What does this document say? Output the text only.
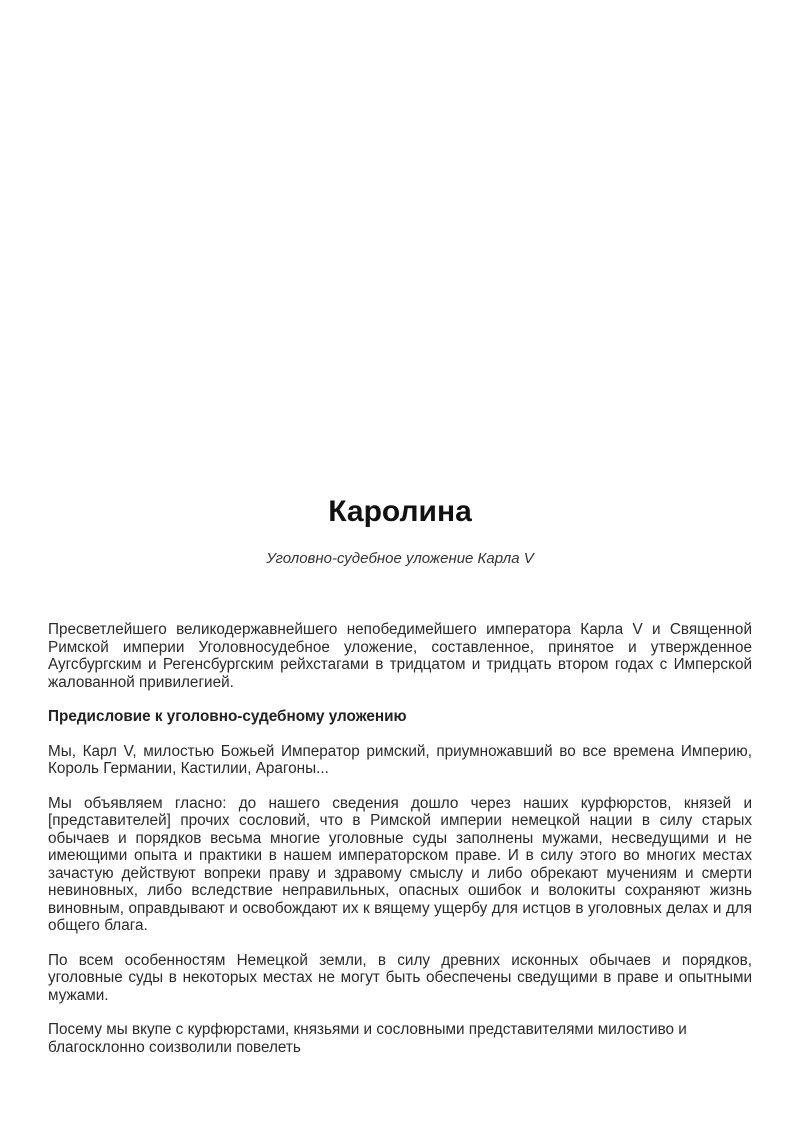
Каролина
Уголовно-судебное уложение Карла V

Пресветлейшего великодержавнейшего непобедимейшего императора Карла V и Священной Римской империи Уголовносудебное уложение, составленное, принятое и утвержденное Аугсбургским и Регенсбургским рейхстагами в тридцатом и тридцать втором годах с Имперской жалованной привилегией.

Предисловие к уголовно-судебному уложению

Мы, Карл V, милостью Божьей Император римский, приумножавший во все времена Империю, Король Германии, Кастилии, Арагоны...

Мы объявляем гласно: до нашего сведения дошло через наших курфюрстов, князей и [представителей] прочих сословий, что в Римской империи немецкой нации в силу старых обычаев и порядков весьма многие уголовные суды заполнены мужами, несведущими и не имеющими опыта и практики в нашем императорском праве. И в силу этого во многих местах зачастую действуют вопреки праву и здравому смыслу и либо обрекают мучениям и смерти невиновных, либо вследствие неправильных, опасных ошибок и волокиты сохраняют жизнь виновным, оправдывают и освобождают их к вящему ущербу для истцов в уголовных делах и для общего блага.

По всем особенностям Немецкой земли, в силу древних исконных обычаев и порядков, уголовные суды в некоторых местах не могут быть обеспечены сведущими в праве и опытными мужами.

Посему мы вкупе с курфюрстами, князьями и сословными представителями милостиво и благосклонно соизволили повелеть
